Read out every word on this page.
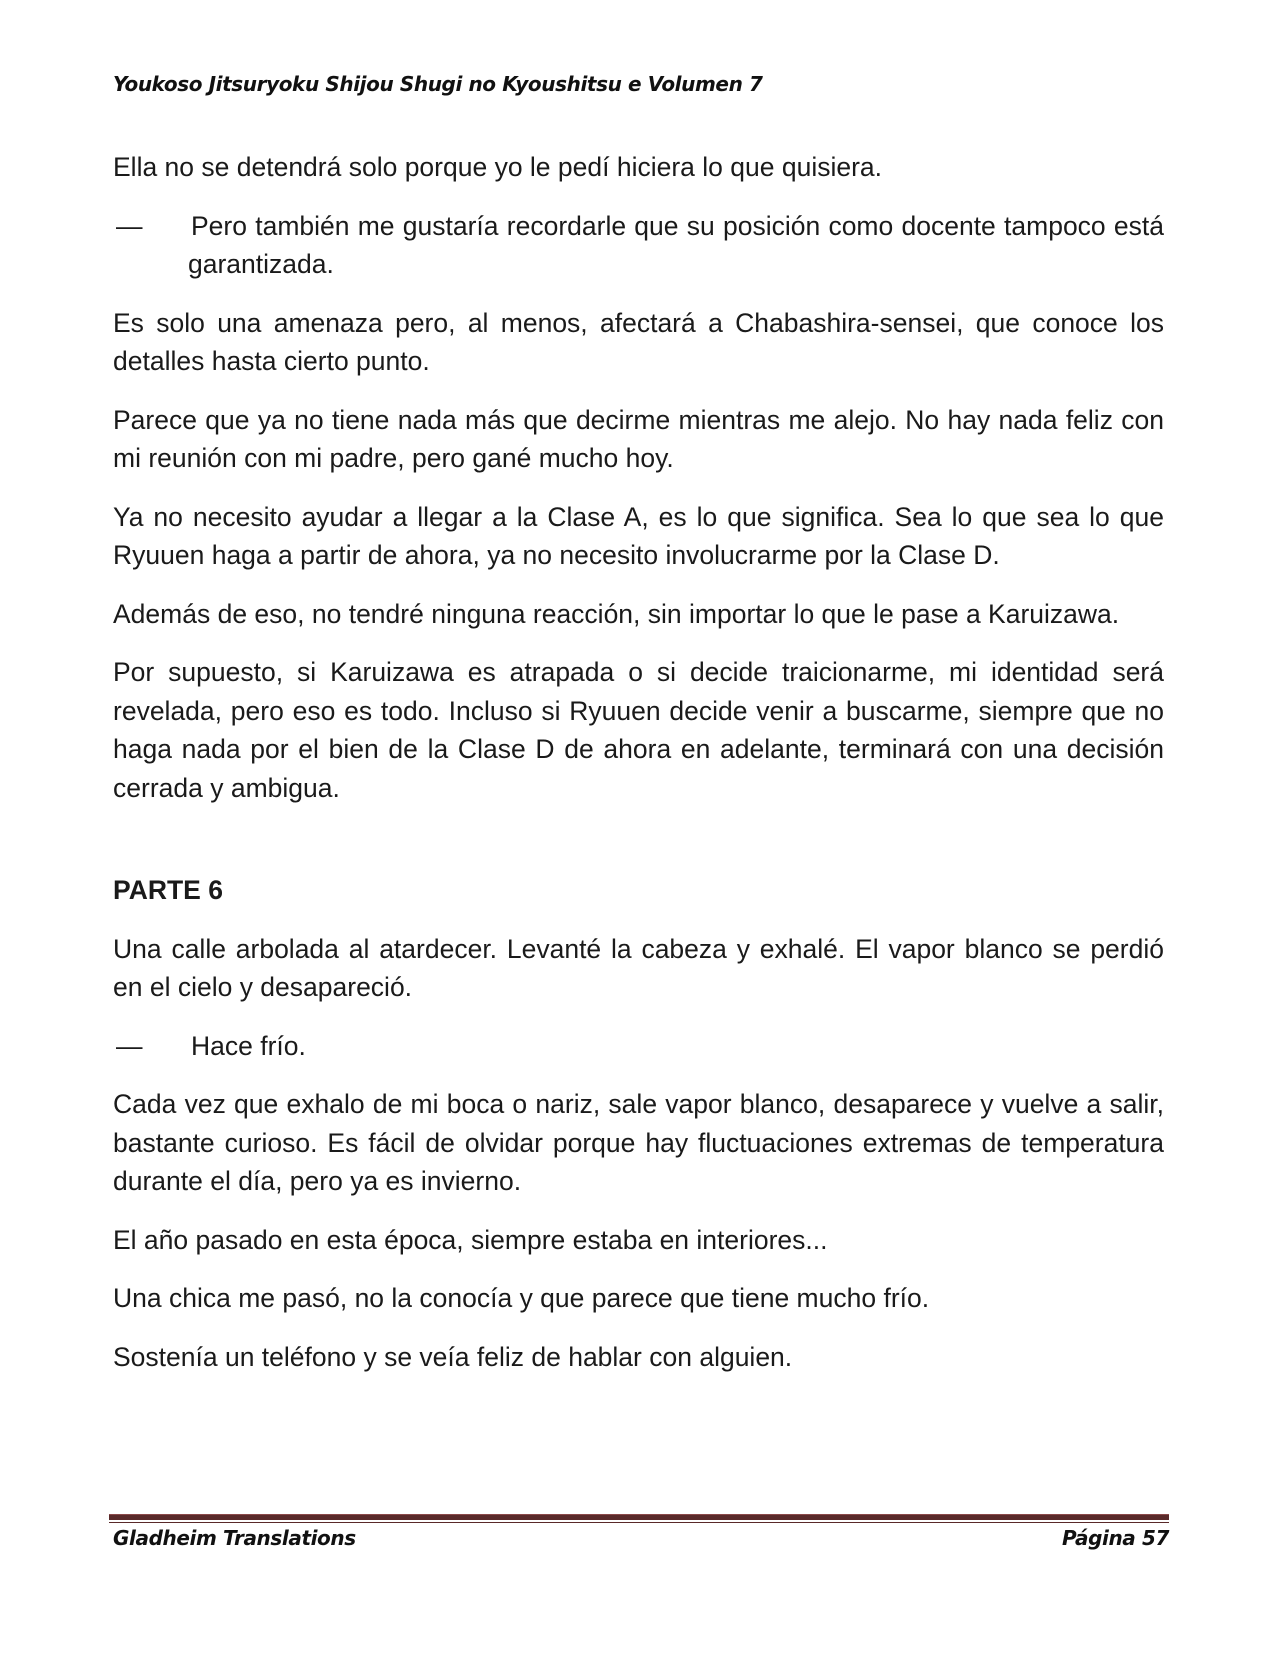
Youkoso Jitsuryoku Shijou Shugi no Kyoushitsu e Volumen 7

Ella no se detendrá solo porque yo le pedí hiciera lo que quisiera.

— Pero también me gustaría recordarle que su posición como docente tampoco está garantizada.

Es solo una amenaza pero, al menos, afectará a Chabashira-sensei, que conoce los detalles hasta cierto punto.

Parece que ya no tiene nada más que decirme mientras me alejo. No hay nada feliz con mi reunión con mi padre, pero gané mucho hoy.

Ya no necesito ayudar a llegar a la Clase A, es lo que significa. Sea lo que sea lo que Ryuuen haga a partir de ahora, ya no necesito involucrarme por la Clase D.

Además de eso, no tendré ninguna reacción, sin importar lo que le pase a Karuizawa.

Por supuesto, si Karuizawa es atrapada o si decide traicionarme, mi identidad será revelada, pero eso es todo. Incluso si Ryuuen decide venir a buscarme, siempre que no haga nada por el bien de la Clase D de ahora en adelante, terminará con una decisión cerrada y ambigua.

PARTE 6

Una calle arbolada al atardecer. Levanté la cabeza y exhalé. El vapor blanco se perdió en el cielo y desapareció.

— Hace frío.

Cada vez que exhalo de mi boca o nariz, sale vapor blanco, desaparece y vuelve a salir, bastante curioso. Es fácil de olvidar porque hay fluctuaciones extremas de temperatura durante el día, pero ya es invierno.

El año pasado en esta época, siempre estaba en interiores...

Una chica me pasó, no la conocía y que parece que tiene mucho frío.

Sostenía un teléfono y se veía feliz de hablar con alguien.

Gladheim Translations	Página 57
